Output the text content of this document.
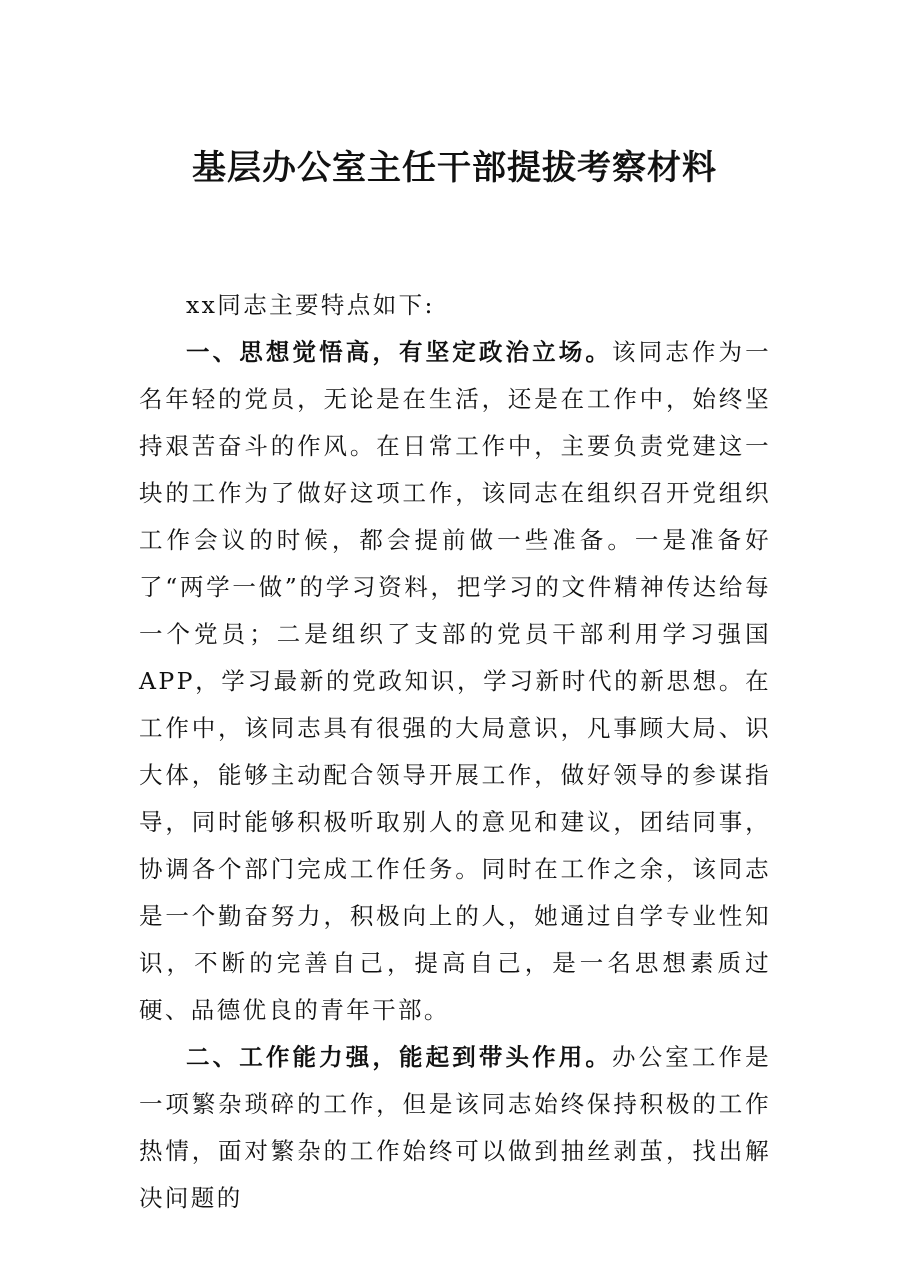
基层办公室主任干部提拔考察材料

xx同志主要特点如下:

一、思想觉悟高，有坚定政治立场。该同志作为一名年轻的党员，无论是在生活，还是在工作中，始终坚持艰苦奋斗的作风。在日常工作中，主要负责党建这一块的工作为了做好这项工作，该同志在组织召开党组织工作会议的时候，都会提前做一些准备。一是准备好了“两学一做”的学习资料，把学习的文件精神传达给每一个党员；二是组织了支部的党员干部利用学习强国APP，学习最新的党政知识，学习新时代的新思想。在工作中，该同志具有很强的大局意识，凡事顾大局、识大体，能够主动配合领导开展工作，做好领导的参谋指导，同时能够积极听取别人的意见和建议，团结同事，协调各个部门完成工作任务。同时在工作之余，该同志是一个勤奋努力，积极向上的人，她通过自学专业性知识，不断的完善自己，提高自己，是一名思想素质过硬、品德优良的青年干部。

二、工作能力强，能起到带头作用。办公室工作是一项繁杂琐碎的工作，但是该同志始终保持积极的工作热情，面对繁杂的工作始终可以做到抽丝剥茧，找出解决问题的
